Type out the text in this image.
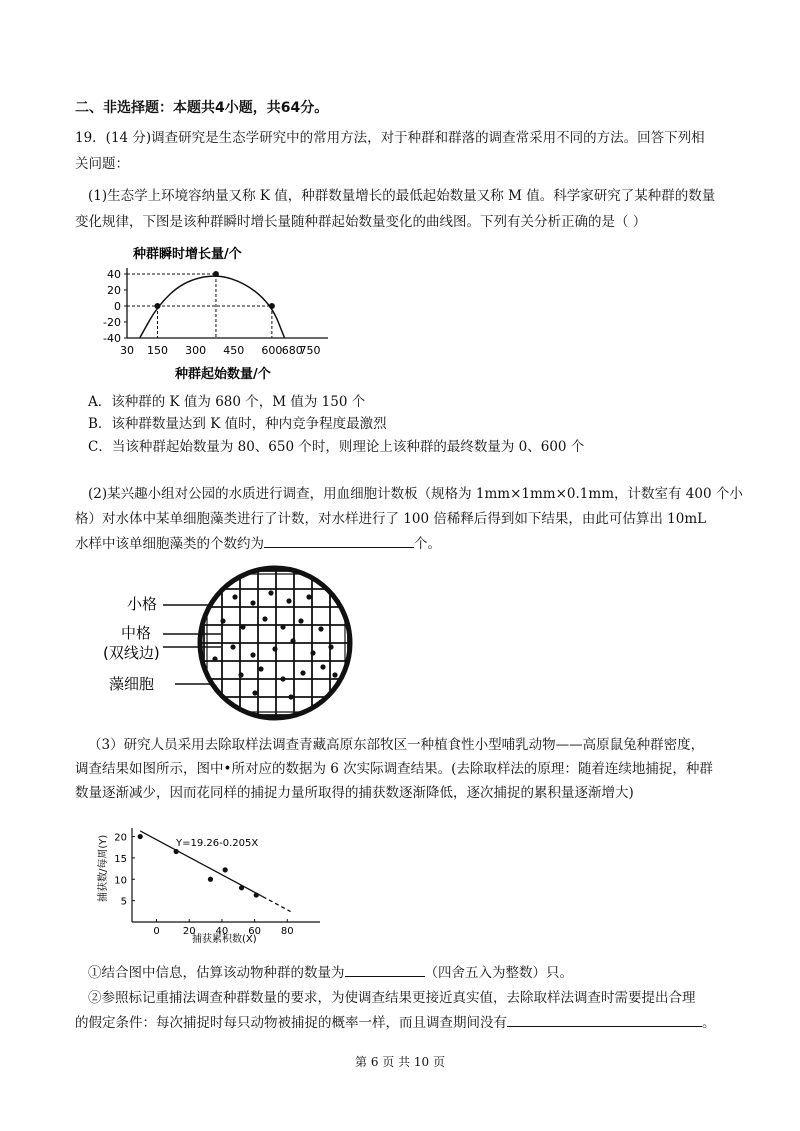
二、非选择题：本题共4小题，共64分。
19．(14 分)调查研究是生态学研究中的常用方法，对于种群和群落的调查常采用不同的方法。回答下列相
关问题：
(1)生态学上环境容纳量又称 K 值，种群数量增长的最低起始数量又称 M 值。科学家研究了某种群的数量
变化规律，下图是该种群瞬时增长量随种群起始数量变化的曲线图。下列有关分析正确的是（ ）
种群瞬时增长量/个
40
20
0
-20
-40
30 150 300 450 600 680
750
种群起始数量/个
A．该种群的 K 值为 680 个，M 值为 150 个
B．该种群数量达到 K 值时，种内竞争程度最激烈
C．当该种群起始数量为 80、650 个时，则理论上该种群的最终数量为 0、600 个
(2)某兴趣小组对公园的水质进行调查，用血细胞计数板（规格为 1mm×1mm×0.1mm，计数室有 400 个小
格）对水体中某单细胞藻类进行了计数，对水样进行了 100 倍稀释后得到如下结果，由此可估算出 10mL
水样中该单细胞藻类的个数约为	个。
小格
中格
(双线边)
藻细胞
（3）研究人员采用去除取样法调查青藏高原东部牧区一种植食性小型哺乳动物——高原鼠兔种群密度，
调查结果如图所示，图中•所对应的数据为 6 次实际调查结果。(去除取样法的原理：随着连续地捕捉，种群
数量逐渐减少，因而花同样的捕捉力量所取得的捕获数逐渐降低，逐次捕捉的累积量逐渐增大)
5
10
15
20
0 20 40 60 80
Y=19.26-0.205X
捕获数/每周(Y)
捕获累积数(X)
①结合图中信息，估算该动物种群的数量为	（四舍五入为整数）只。
②参照标记重捕法调查种群数量的要求，为使调查结果更接近真实值，去除取样法调查时需要提出合理
的假定条件：每次捕捉时每只动物被捕捉的概率一样，而且调查期间没有	。
第 6 页 共 10 页
